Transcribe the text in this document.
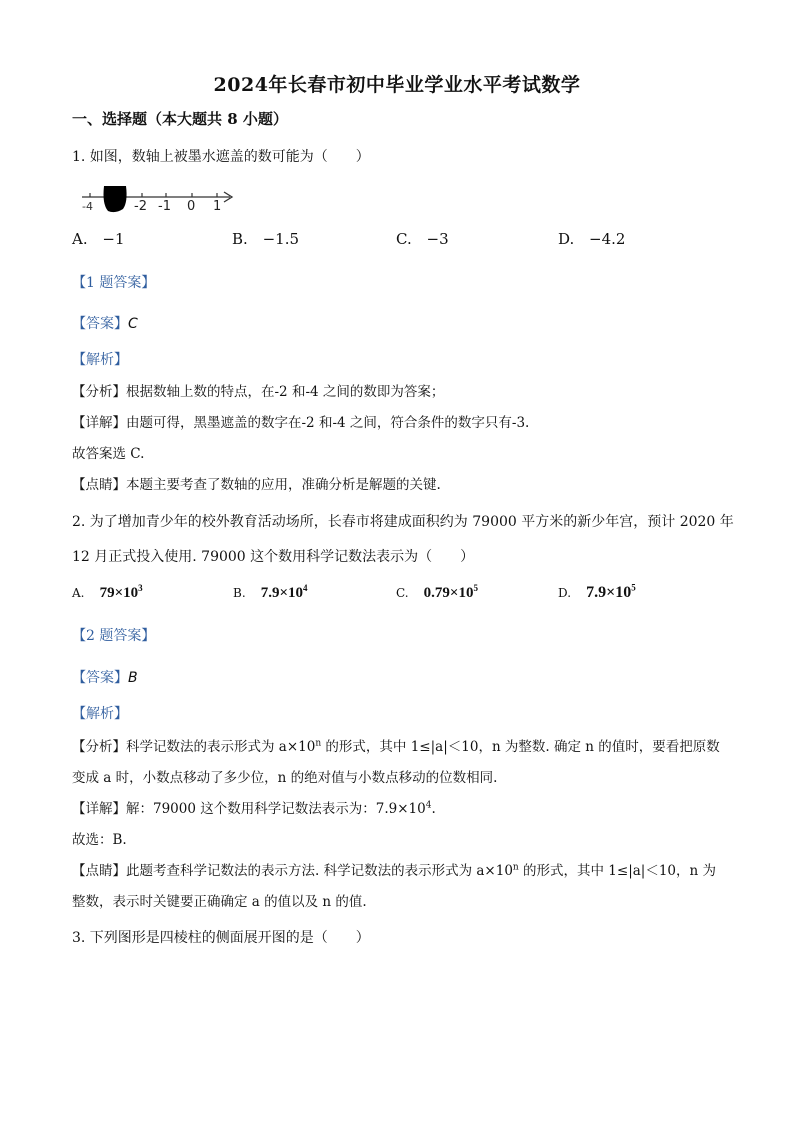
2024年长春市初中毕业学业水平考试数学
一、选择题（本大题共 8 小题）
1. 如图，数轴上被墨水遮盖的数可能为（　　）
-4	-2 -1 0 1
A. −1	B. −1.5	C. −3	D. −4.2
【1 题答案】
【答案】C
【解析】
【分析】根据数轴上数的特点，在-2 和-4 之间的数即为答案；
【详解】由题可得，黑墨遮盖的数字在-2 和-4 之间，符合条件的数字只有-3.
故答案选 C.
【点睛】本题主要考查了数轴的应用，准确分析是解题的关键.
2. 为了增加青少年的校外教育活动场所，长春市将建成面积约为 79000 平方米的新少年宫，预计 2020 年
12 月正式投入使用. 79000 这个数用科学记数法表示为（　　）
A. $79\times 10^3$	B. $7.9\times 10^4$	C. $0.79\times 10^5$	D. $7.9\times 10^5$
【2 题答案】
【答案】B
【解析】
【分析】科学记数法的表示形式为 $a\times 10^n$ 的形式，其中 1≤|a|＜10，n 为整数. 确定 n 的值时，要看把原数
变成 a 时，小数点移动了多少位，n 的绝对值与小数点移动的位数相同.
【详解】解：79000 这个数用科学记数法表示为：$7.9\times 10^4$.
故选：B.
【点睛】此题考查科学记数法的表示方法. 科学记数法的表示形式为 $a\times 10^n$ 的形式，其中 1≤|a|＜10，n 为
整数，表示时关键要正确确定 a 的值以及 n 的值.
3. 下列图形是四棱柱的侧面展开图的是（　　）
